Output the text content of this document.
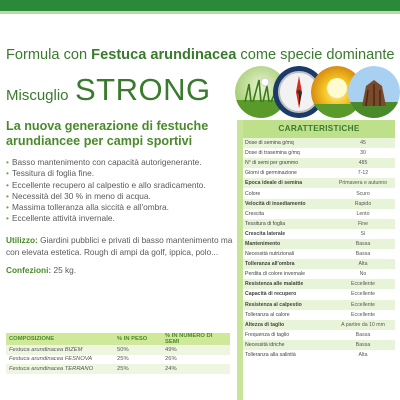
Formula con Festuca arundinacea come specie dominante
Miscuglio STRONG
La nuova generazione di festuche arundiancee per campi sportivi
• Basso mantenimento con capacità autorigenerante.
• Tessitura di foglia fine.
• Eccellente recupero al calpestio e allo sradicamento.
• Necessità del 30 % in meno di acqua.
• Massima tolleranza alla siccità e all'ombra.
• Eccellente attività invernale.
Utilizzo: Giardini pubblici e privati di basso mantenimento ma con elevata estetica. Rough di ampi da golf, ippica, polo...
Confezioni: 25 kg.
COMPOSIZIONE	% IN PESO	% IN NUMERO DI SEMI
Festuca arundinacea BIZEM	50%	49%
Festuca arundinacea FESNOVA	25%	26%
Festuca arundinacea TERRANO	25%	24%
CARATTERISTICHE
Dose di semina g/mq	45
Dose di trasemina g/mq	30
N° di semi per grammo	485
Giorni di germinazione	7-12
Epoca ideale di semina	Primavera e autunno
Colore	Scuro
Velocità di insediamento	Rapido
Crescita	Lento
Tessitura di foglia	Fine
Crescita laterale	Sì
Mantenimento	Bassa
Necessità nutrizionali	Bassa
Tolleranza all'ombra	Alta
Perdita di colore invernale	No
Resistenza alle malattie	Eccellente
Capacità di recupero	Eccellente
Resistenza al calpestio	Eccellente
Tolleranza al calore	Eccellente
Altezza di taglio	A partire da 10 mm
Frequenza di taglio	Bassa
Necessità idriche	Bassa
Tolleranza alla salinità	Alta
